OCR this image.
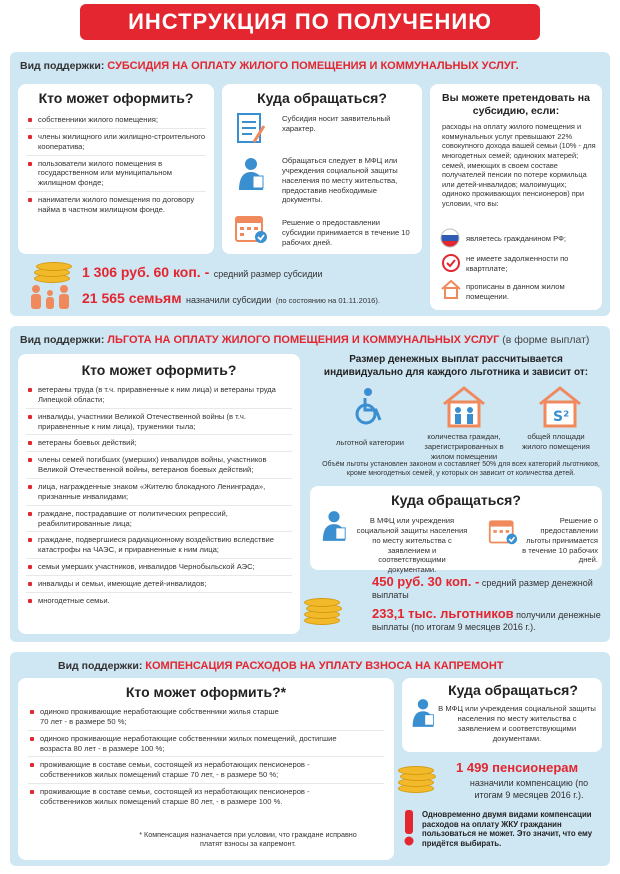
ИНСТРУКЦИЯ ПО ПОЛУЧЕНИЮ
Вид поддержки: СУБСИДИЯ НА ОПЛАТУ ЖИЛОГО ПОМЕЩЕНИЯ И КОММУНАЛЬНЫХ УСЛУГ.
Кто может оформить?
собственники жилого помещения;
члены жилищного или жилищно-строительного кооператива;
пользователи жилого помещения в государственном или муниципальном жилищном фонде;
наниматели жилого помещения по договору найма в частном жилищном фонде.
Куда обращаться?
Субсидия носит заявительный характер.
Обращаться следует в МФЦ или учреждения социальной защиты населения по месту жительства, предоставив необходимые документы.
Решение о предоставлении субсидии принимается в течение 10 рабочих дней.
Вы можете претендовать на субсидию, если:
расходы на оплату жилого помещения и коммунальных услуг превышают 22% совокупного дохода вашей семьи (10% - для многодетных семей; одиноких матерей; семей, имеющих в своем составе получателей пенсии по потере кормильца или детей-инвалидов; малоимущих; одиноко проживающих пенсионеров) при условии, что вы:
являетесь гражданином РФ;
не имеете задолженности по квартплате;
прописаны в данном жилом помещении.
1 306 руб. 60 коп. - средний размер субсидии
21 565 семьям назначили субсидии (по состоянию на 01.11.2016).
Вид поддержки: ЛЬГОТА НА ОПЛАТУ ЖИЛОГО ПОМЕЩЕНИЯ И КОММУНАЛЬНЫХ УСЛУГ (в форме выплат)
Кто может оформить?
ветераны труда (в т.ч. приравненные к ним лица) и ветераны труда Липецкой области;
инвалиды, участники Великой Отечественной войны (в т.ч. приравненные к ним лица), труженики тыла;
ветераны боевых действий;
члены семей погибших (умерших) инвалидов войны, участников Великой Отечественной войны, ветеранов боевых действий;
лица, награжденные знаком «Жителю блокадного Ленинграда», признанные инвалидами;
граждане, пострадавшие от политических репрессий, реабилитированные лица;
граждане, подвергшиеся радиационному воздействию вследствие катастрофы на ЧАЭС, и приравненные к ним лица;
семьи умерших участников, инвалидов Чернобыльской АЭС;
инвалиды и семьи, имеющие детей-инвалидов;
многодетные семьи.
Размер денежных выплат рассчитывается индивидуально для каждого льготника и зависит от:
S²
льготной категории
количества граждан, зарегистрированных в жилом помещении
общей площади жилого помещения
Объём льготы установлен законом и составляет 50% для всех категорий льготников, кроме многодетных семей, у которых он зависит от количества детей.
Куда обращаться?
В МФЦ или учреждения социальной защиты населения по месту жительства с заявлением и соответствующими документами.
Решение о предоставлении льготы принимается в течение 10 рабочих дней.
450 руб. 30 коп. - средний размер денежной выплаты
233,1 тыс. льготников получили денежные выплаты (по итогам 9 месяцев 2016 г.).
Вид поддержки: КОМПЕНСАЦИЯ РАСХОДОВ НА УПЛАТУ ВЗНОСА НА КАПРЕМОНТ
Кто может оформить?*
одиноко проживающие неработающие собственники жилья старше 70 лет - в размере 50 %;
одиноко проживающие неработающие собственники жилых помещений, достигшие возраста 80 лет - в размере 100 %;
проживающие в составе семьи, состоящей из неработающих пенсионеров - собственников жилых помещений старше 70 лет, - в размере 50 %;
проживающие в составе семьи, состоящей из неработающих пенсионеров - собственников жилых помещений старше 80 лет, - в размере 100 %.
* Компенсация назначается при условии, что граждане исправно платят взносы за капремонт.
Куда обращаться?
В МФЦ или учреждения социальной защиты населения по месту жительства с заявлением и соответствующими документами.
1 499 пенсионерам
назначили компенсацию (по итогам 9 месяцев 2016 г.).
Одновременно двумя видами компенсации расходов на оплату ЖКУ гражданин пользоваться не может. Это значит, что ему придётся выбирать.
